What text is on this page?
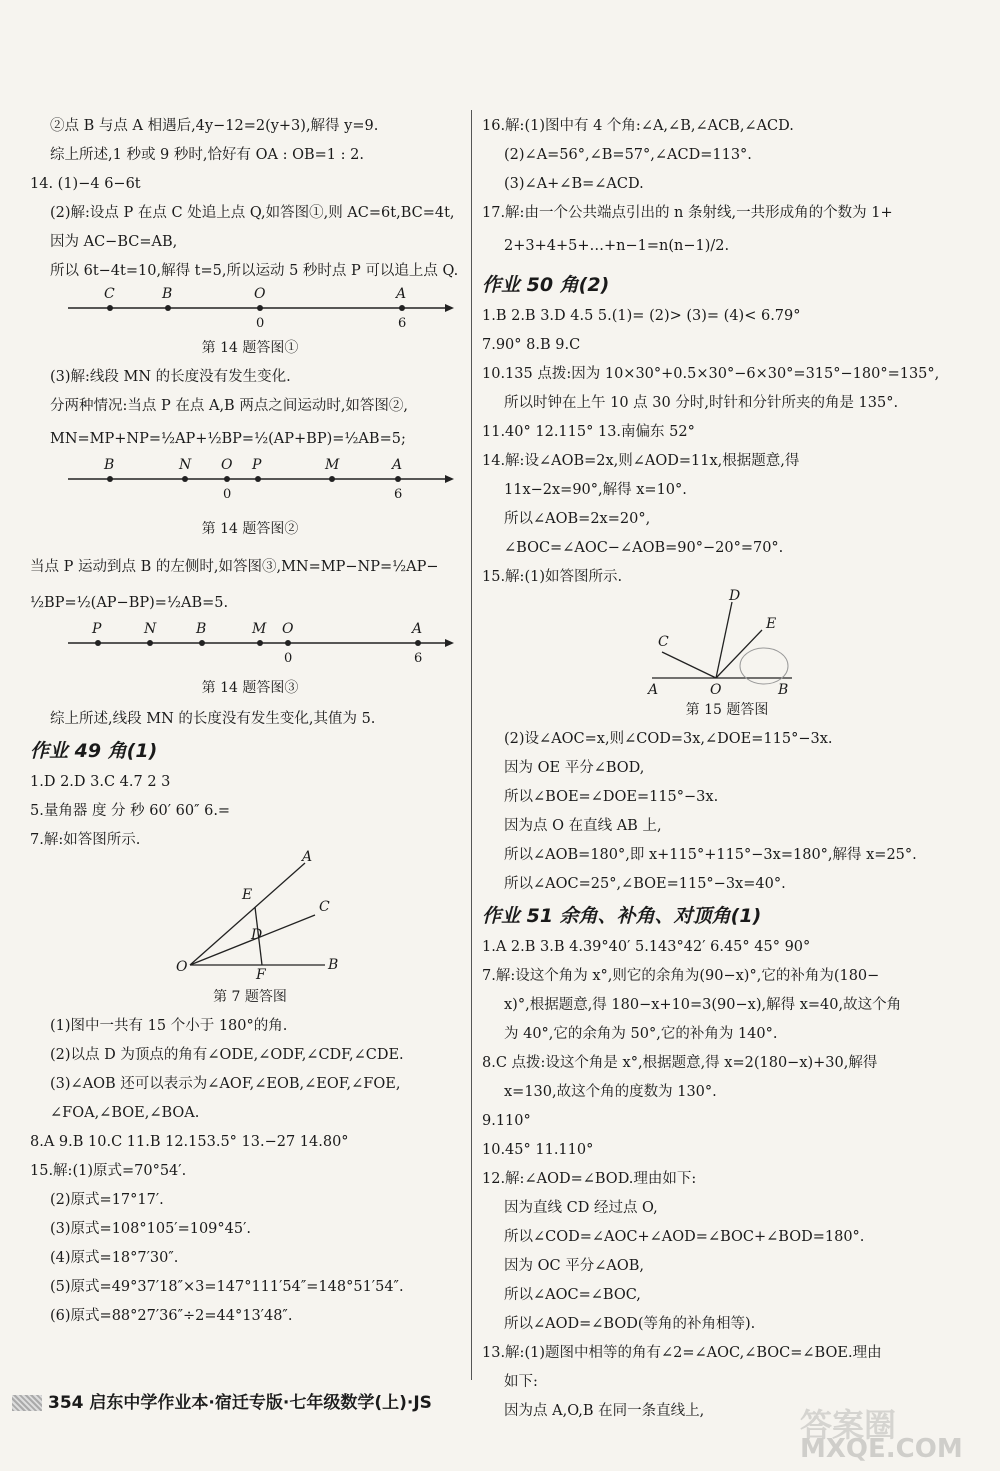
②点 B 与点 A 相遇后,4y−12=2(y+3),解得 y=9.
综上所述,1 秒或 9 秒时,恰好有 OA : OB=1 : 2.
14. (1)−4 6−6t
(2)解:设点 P 在点 C 处追上点 Q,如答图①,则 AC=6t,BC=4t,
因为 AC−BC=AB,
所以 6t−4t=10,解得 t=5,所以运动 5 秒时点 P 可以追上点 Q.
C	B	O	A
0	6
第 14 题答图①
(3)解:线段 MN 的长度没有发生变化.
分两种情况:当点 P 在点 A,B 两点之间运动时,如答图②,
MN=MP+NP=½AP+½BP=½(AP+BP)=½AB=5;
B	N O P	M	A
0	6
第 14 题答图②
当点 P 运动到点 B 的左侧时,如答图③,MN=MP−NP=½AP−
½BP=½(AP−BP)=½AB=5.
P	N	B	M O	A
0	6
第 14 题答图③
综上所述,线段 MN 的长度没有发生变化,其值为 5.
作业 49 角(1)
1.D 2.D 3.C 4.7 2 3
5.量角器 度 分 秒 60′ 60″ 6.=
7.解:如答图所示.
A
E
C
D
O	F
B
第 7 题答图
(1)图中一共有 15 个小于 180°的角.
(2)以点 D 为顶点的角有∠ODE,∠ODF,∠CDF,∠CDE.
(3)∠AOB 还可以表示为∠AOF,∠EOB,∠EOF,∠FOE,
∠FOA,∠BOE,∠BOA.
8.A 9.B 10.C 11.B 12.153.5° 13.−27 14.80°
15.解:(1)原式=70°54′.
(2)原式=17°17′.
(3)原式=108°105′=109°45′.
(4)原式=18°7′30″.
(5)原式=49°37′18″×3=147°111′54″=148°51′54″.
(6)原式=88°27′36″÷2=44°13′48″.
16.解:(1)图中有 4 个角:∠A,∠B,∠ACB,∠ACD.
(2)∠A=56°,∠B=57°,∠ACD=113°.
(3)∠A+∠B=∠ACD.
17.解:由一个公共端点引出的 n 条射线,一共形成角的个数为 1+
2+3+4+5+…+n−1=n(n−1)/2.
作业 50 角(2)
1.B 2.B 3.D 4.5 5.(1)= (2)> (3)= (4)< 6.79°
7.90° 8.B 9.C
10.135 点拨:因为 10×30°+0.5×30°−6×30°=315°−180°=135°,
所以时钟在上午 10 点 30 分时,时针和分针所夹的角是 135°.
11.40° 12.115° 13.南偏东 52°
14.解:设∠AOB=2x,则∠AOD=11x,根据题意,得
11x−2x=90°,解得 x=10°.
所以∠AOB=2x=20°,
∠BOC=∠AOC−∠AOB=90°−20°=70°.
15.解:(1)如答图所示.
D
C
E
A	O	B
第 15 题答图
(2)设∠AOC=x,则∠COD=3x,∠DOE=115°−3x.
因为 OE 平分∠BOD,
所以∠BOE=∠DOE=115°−3x.
因为点 O 在直线 AB 上,
所以∠AOB=180°,即 x+115°+115°−3x=180°,解得 x=25°.
所以∠AOC=25°,∠BOE=115°−3x=40°.
作业 51 余角、补角、对顶角(1)
1.A 2.B 3.B 4.39°40′ 5.143°42′ 6.45° 45° 90°
7.解:设这个角为 x°,则它的余角为(90−x)°,它的补角为(180−
x)°,根据题意,得 180−x+10=3(90−x),解得 x=40,故这个角
为 40°,它的余角为 50°,它的补角为 140°.
8.C 点拨:设这个角是 x°,根据题意,得 x=2(180−x)+30,解得
x=130,故这个角的度数为 130°.
9.110°
10.45° 11.110°
12.解:∠AOD=∠BOD.理由如下:
因为直线 CD 经过点 O,
所以∠COD=∠AOC+∠AOD=∠BOC+∠BOD=180°.
因为 OC 平分∠AOB,
所以∠AOC=∠BOC,
所以∠AOD=∠BOD(等角的补角相等).
13.解:(1)题图中相等的角有∠2=∠AOC,∠BOC=∠BOE.理由
如下:
因为点 A,O,B 在同一条直线上,
354 启东中学作业本·宿迁专版·七年级数学(上)·JS
答案圈
MXQE.COM
